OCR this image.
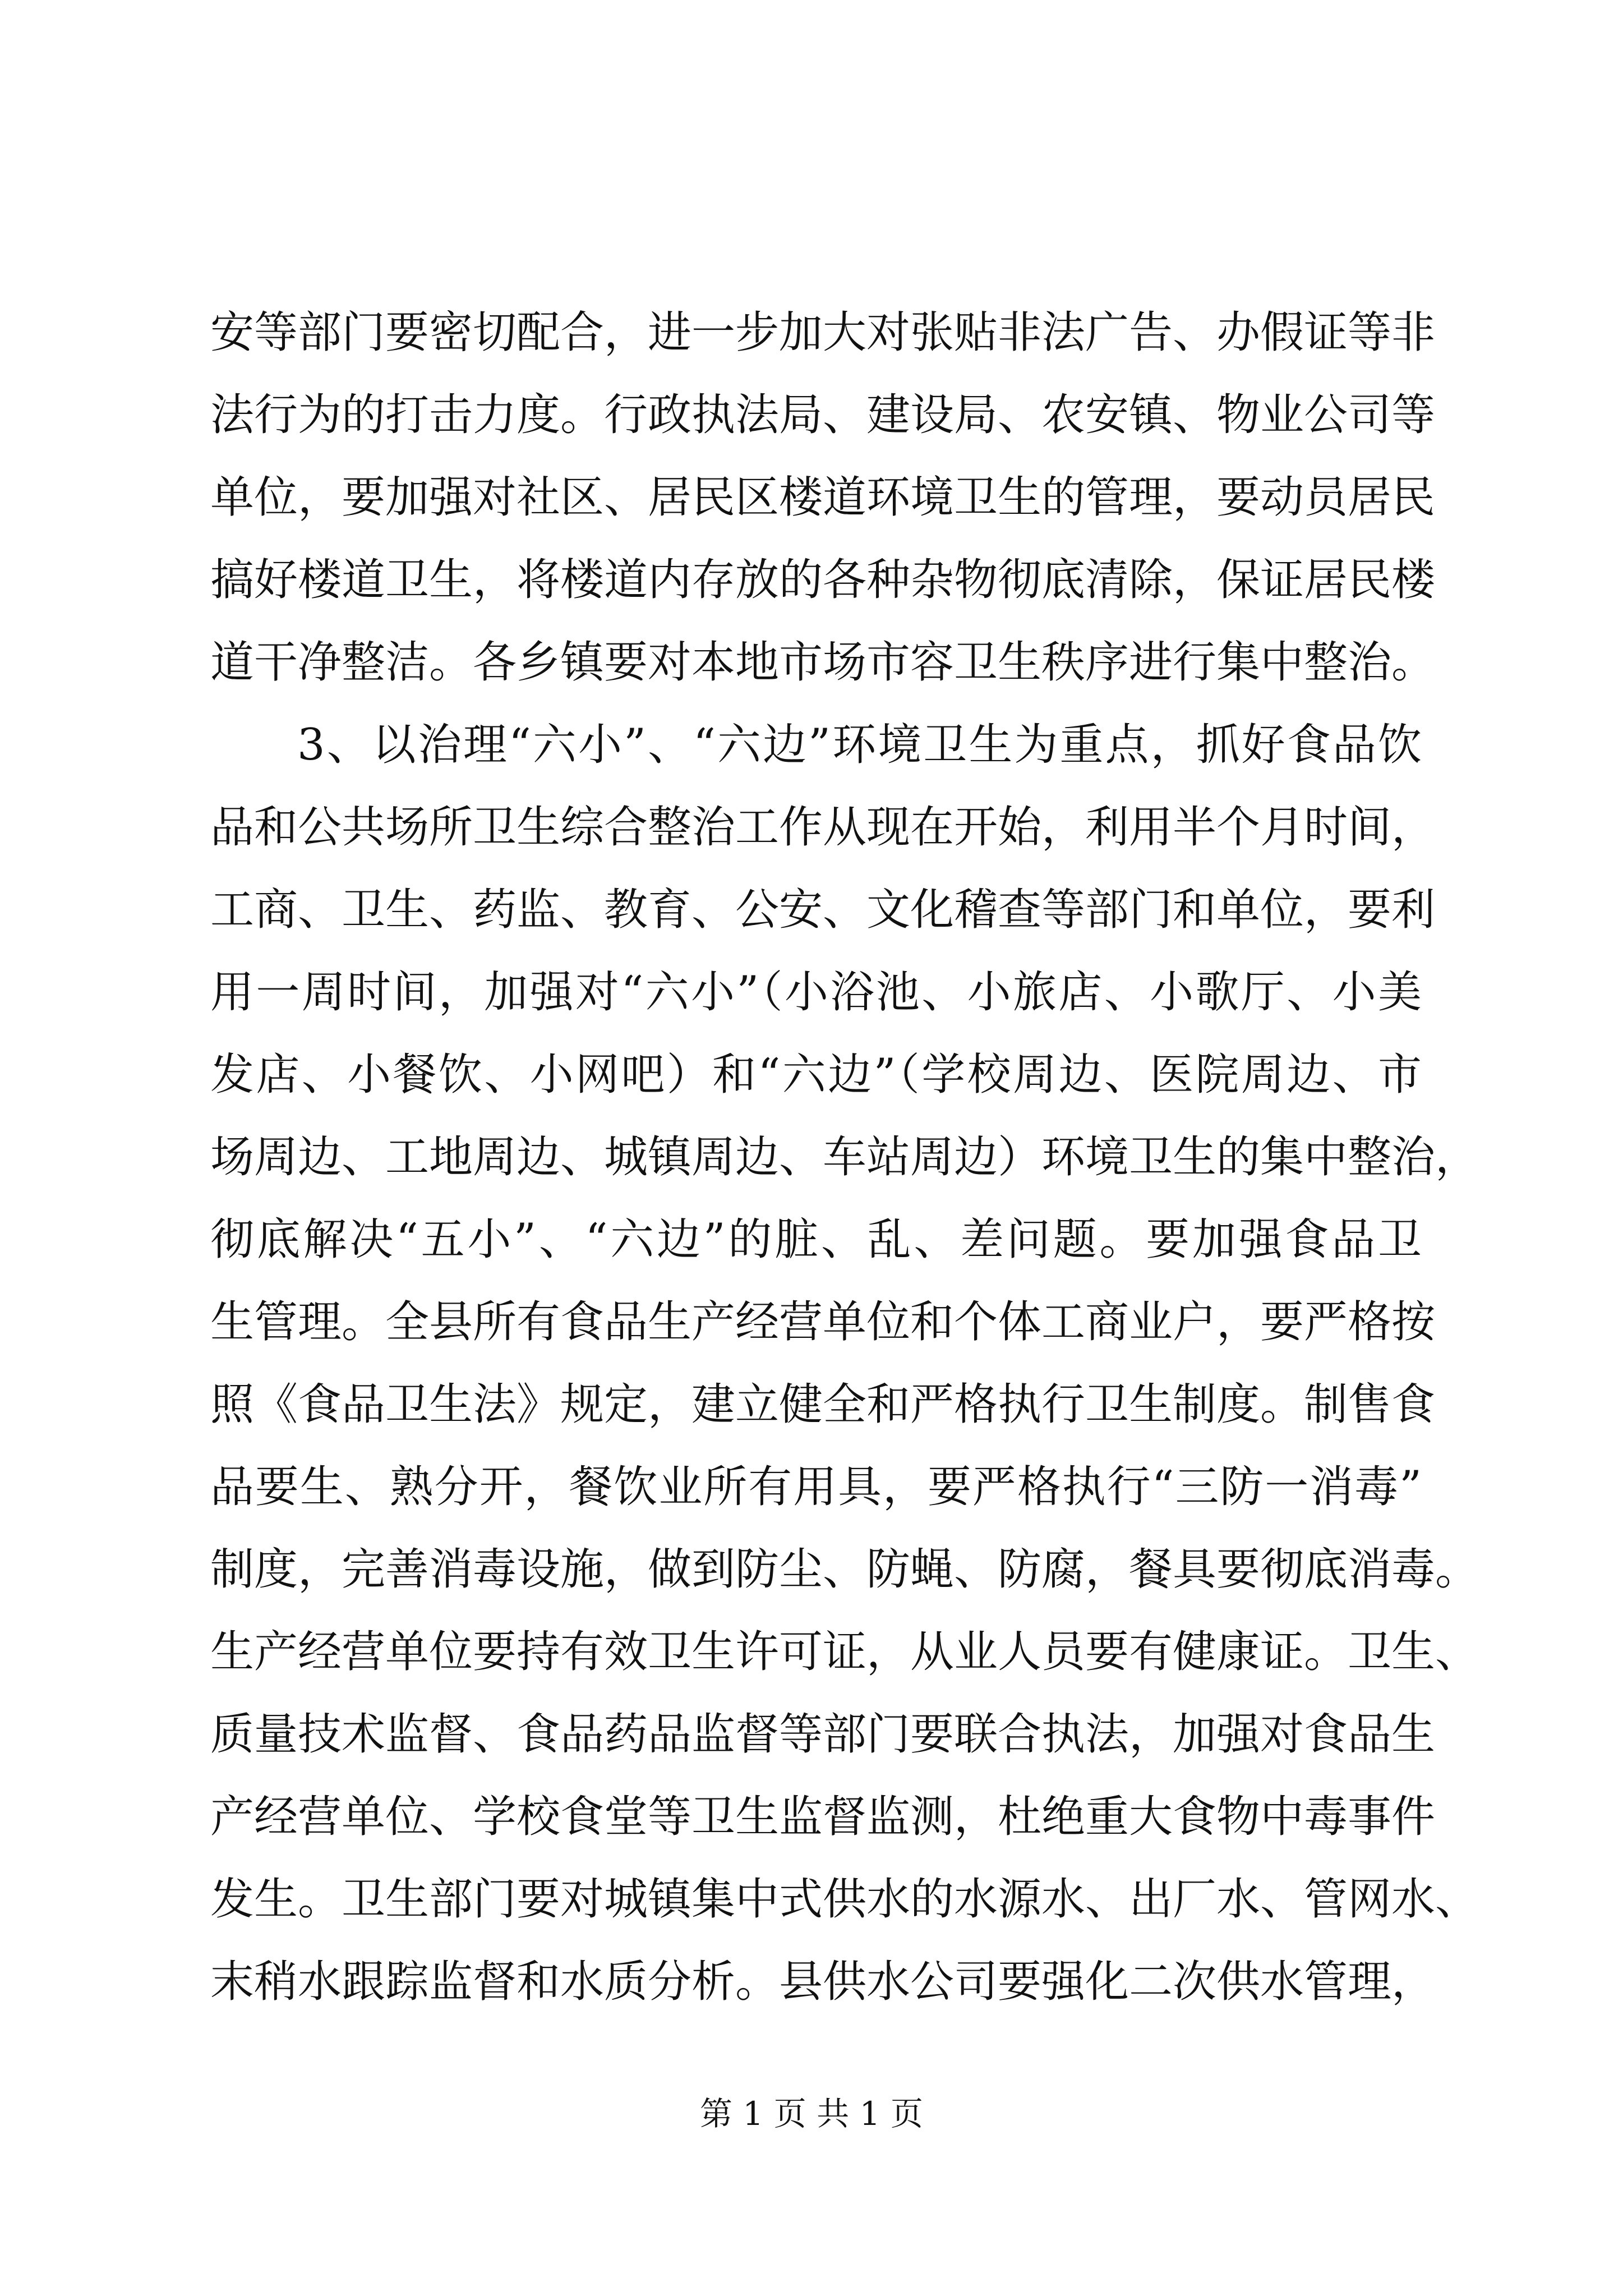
安等部门要密切配合，进一步加大对张贴非法广告、办假证等非
法行为的打击力度。行政执法局、建设局、农安镇、物业公司等
单位，要加强对社区、居民区楼道环境卫生的管理，要动员居民
搞好楼道卫生，将楼道内存放的各种杂物彻底清除，保证居民楼
道干净整洁。各乡镇要对本地市场市容卫生秩序进行集中整治。
3、以治理“六小”、“六边”环境卫生为重点，抓好食品饮
品和公共场所卫生综合整治工作从现在开始，利用半个月时间，
工商、卫生、药监、教育、公安、文化稽查等部门和单位，要利
用一周时间，加强对“六小”（小浴池、小旅店、小歌厅、小美
发店、小餐饮、小网吧）和“六边”（学校周边、医院周边、市
场周边、工地周边、城镇周边、车站周边）环境卫生的集中整治，
彻底解决“五小”、“六边”的脏、乱、差问题。要加强食品卫
生管理。全县所有食品生产经营单位和个体工商业户，要严格按
照《食品卫生法》规定，建立健全和严格执行卫生制度。制售食
品要生、熟分开，餐饮业所有用具，要严格执行“三防一消毒”
制度，完善消毒设施，做到防尘、防蝇、防腐，餐具要彻底消毒。
生产经营单位要持有效卫生许可证，从业人员要有健康证。卫生、
质量技术监督、食品药品监督等部门要联合执法，加强对食品生
产经营单位、学校食堂等卫生监督监测，杜绝重大食物中毒事件
发生。卫生部门要对城镇集中式供水的水源水、出厂水、管网水、
末稍水跟踪监督和水质分析。县供水公司要强化二次供水管理，
第 1 页 共 1 页
